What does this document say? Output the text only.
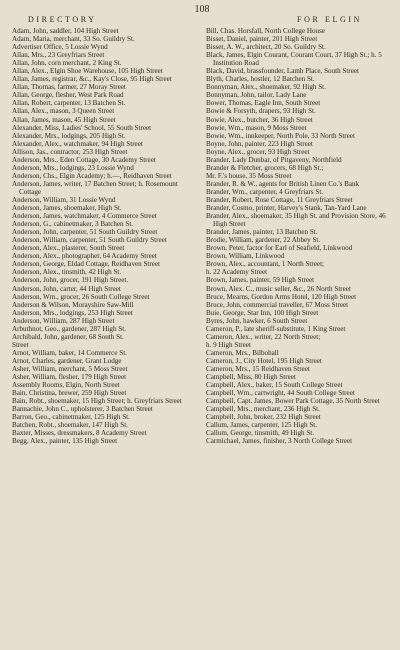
108
DIRECTORY	FOR ELGIN
Adam, John, saddler, 104 High Street
Adam, Maria, merchant, 33 So. Guildry St.
Advertiser Office, 5 Lossie Wynd
Allan, Mrs., 23 Greyfriars Street
Allan, John, corn merchant, 2 King St.
Allan, Alex., Elgin Shoe Warehouse, 105 High Street
Allan, James, registrar, &c., Kay's Close, 95 High Street
Allan, Thomas, farmer, 27 Moray Street
Allan, George, flesher, West Park Road
Allan, Robert, carpenter, 13 Batchen St.
Allan, Alex., mason, 3 Queen Street
Allan, James, mason, 45 High Street
Alexander, Miss, Ladies' School, 55 South Street
Alexander, Mrs., lodgings, 205 High St.
Alexander, Alex., watchmaker, 94 High Street
Allison, Jas., contractor, 253 High Street
Anderson, Mrs., Eden Cottage, 30 Academy Street
Anderson, Mrs., lodgings, 23 Lossie Wynd
Anderson, Chs., Elgin Academy; h.—, Reidhaven Street
Anderson, James, writer, 17 Batchen Street; h. Rosemount Cottage
Anderson, William, 31 Lossie Wynd
Anderson, James, shoemaker, High St.
Anderson, James, watchmaker, 4 Commerce Street
Anderson, G., cabinetmaker, 3 Batchen St.
Anderson, John, carpenter, 51 South Guildry Street
Anderson, William, carpenter, 51 South Guildry Street
Anderson, Alex., plasterer, South Street
Anderson, Alex., photographer, 64 Academy Street
Anderson, George, Eldad Cottage, Reidhaven Street
Anderson, Alex., tinsmith, 42 High St.
Anderson, John, grocer, 191 High Street.
Anderson, John, carter, 44 High Street
Anderson, Wm., grocer, 26 South College Street
Anderson & Wilson, Morayshire Saw-Mill
Anderson, Mrs., lodgings, 253 High Street
Anderson, William, 287 High Street
Arbuthnot, Geo., gardener, 287 High St.
Archibald, John, gardener, 68 South St.
Street
Arnot, William, baker, 14 Commerce St.
Arnot, Charles, gardener, Grant Lodge
Asher, William, merchant, 5 Moss Street
Asher, William, flesher, 179 High Street
Assembly Rooms, Elgin, North Street
Bain, Christina, brewer, 259 High Street
Bain, Robt., shoemaker, 15 High Street; h. Greyfriars Street
Bannachie, John C., upholsterer, 3 Batchen Street
Barron, Geo., cabinetmaker, 125 High St.
Batchen, Robt., shoemaker, 147 High St.
Baxter, Misses, dressmakers, 8 Academy Street
Begg, Alex., painter, 135 High Street
Bill, Chas. Horsfall, North College House
Bisset, Daniel, painter, 201 High Street
Bisset, A. W., architect, 20 So. Guildry St.
Black, James, Elgin Courant, Courant Court, 37 High St.; h. 5 Institution Road
Black, David, brassfounder, Lamb Place, South Street
Blyth, Charles, hostler, 12 Batchen St.
Bonnyman, Alex., shoemaker, 92 High St.
Bonnyman, John, tailor, Lady Lane
Bower, Thomas, Eagle Inn, South Street
Bowie & Forsyth, drapers, 93 High St.
Bowie, Alex., butcher, 36 High Street
Bowie, Wm., mason, 9 Moss Street
Bowie, Wm., innkeeper, North Pole, 33 North Street
Boyne, John, painter, 223 High Street
Boyne, Alex., grocer, 93 High Street
Brander, Lady Dunbar, of Pitgaveny, Northfield
Brander & Fletcher, grocers, 68 High St.;
Mr. F.'s house, 35 Moss Street
Brander, R. & W., agents for British Linen Co.'s Bank
Brander, Wm., carpenter, 4 Greyfriars St.
Brander, Robert, Rose Cottage, 11 Greyfriars Street
Brander, Cosmo, printer, Harvey's Stank, Tan-Yard Lane
Brander, Alex., shoemaker, 35 High St. and Provision Store, 46 High Street
Brander, James, painter, 13 Batchen St.
Brodie, William, gardener, 22 Abbey St.
Brown, Peter, factor for Earl of Seafield, Linkwood
Brown, William, Linkwood
Brown, Alex., accountant, 1 North Street;
h. 22 Academy Street
Brown, James, painter, 59 High Street
Brown, Alex. C., music seller, &c., 26 North Street
Bruce, Mearns, Gordon Arms Hotel, 120 High Street
Bruce, John, commercial traveller, 67 Moss Street
Buie, George, Star Inn, 100 High Street
Byres, John, hawker, 6 South Street
Cameron, P., late sheriff-substitute, 1 King Street
Cameron, Alex., writer, 22 North Street;
h. 9 High Street
Cameron, Mrs., Bilbohall
Cameron, J., City Hotel, 195 High Street
Cameron, Mrs., 15 Reidhaven Street
Campbell, Miss, 80 High Street
Campbell, Alex., baker, 15 South College Street
Campbell, Wm., cartwright, 44 South College Street
Campbell, Capt. James, Bower Park Cottage, 35 North Street
Campbell, Mrs., merchant, 236 High St.
Campbell, John, broker, 232 High Street
Callum, James, carpenter, 125 High St.
Callum, George, tinsmith, 49 High St.
Carmichael, James, finisher, 3 North College Street
